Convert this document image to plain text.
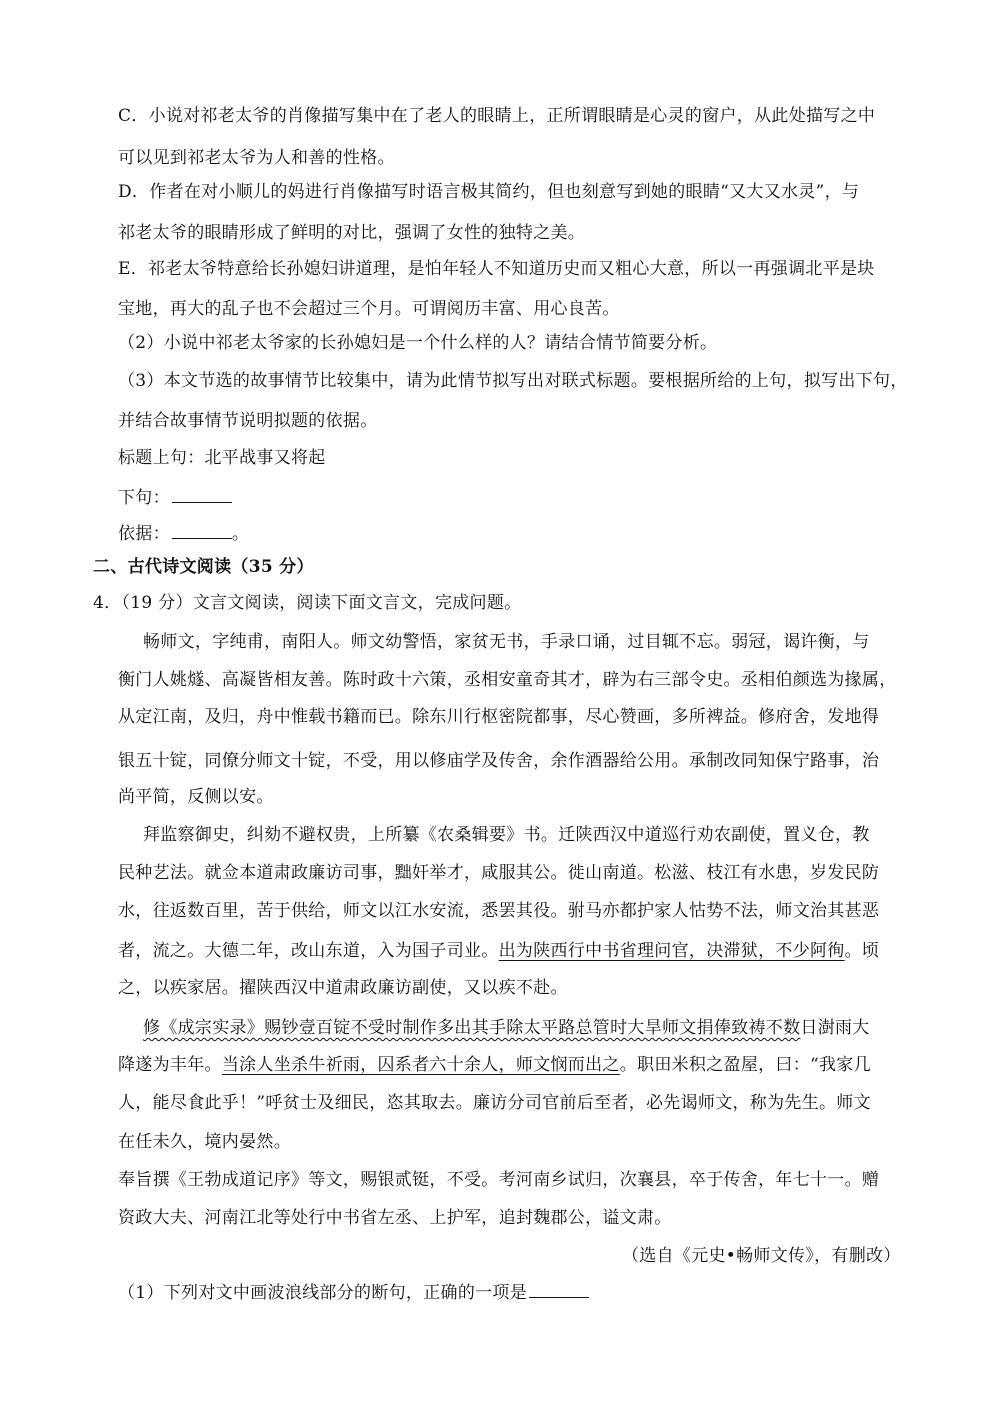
C．小说对祁老太爷的肖像描写集中在了老人的眼睛上，正所谓眼睛是心灵的窗户，从此处描写之中
可以见到祁老太爷为人和善的性格。
D．作者在对小顺儿的妈进行肖像描写时语言极其简约，但也刻意写到她的眼睛“又大又水灵”，与
祁老太爷的眼睛形成了鲜明的对比，强调了女性的独特之美。
E．祁老太爷特意给长孙媳妇讲道理，是怕年轻人不知道历史而又粗心大意，所以一再强调北平是块
宝地，再大的乱子也不会超过三个月。可谓阅历丰富、用心良苦。
（2）小说中祁老太爷家的长孙媳妇是一个什么样的人？请结合情节简要分析。
（3）本文节选的故事情节比较集中，请为此情节拟写出对联式标题。要根据所给的上句，拟写出下句，
并结合故事情节说明拟题的依据。
标题上句：北平战事又将起
下句：
依据：	。
二、古代诗文阅读（35 分）
4．（19 分）文言文阅读，阅读下面文言文，完成问题。
畅师文，字纯甫，南阳人。师文幼警悟，家贫无书，手录口诵，过目辄不忘。弱冠，谒许衡，与
衡门人姚燧、高凝皆相友善。陈时政十六策，丞相安童奇其才，辟为右三部令史。丞相伯颜选为掾属，
从定江南，及归，舟中惟载书籍而已。除东川行枢密院都事，尽心赞画，多所裨益。修府舍，发地得
银五十锭，同僚分师文十锭，不受，用以修庙学及传舍，余作酒器给公用。承制改同知保宁路事，治
尚平简，反侧以安。
拜监察御史，纠劾不避权贵，上所纂《农桑辑要》书。迁陕西汉中道巡行劝农副使，置义仓，教
民种艺法。就佥本道肃政廉访司事，黜奸举才，咸服其公。徙山南道。松滋、枝江有水患，岁发民防
水，往返数百里，苦于供给，师文以江水安流，悉罢其役。驸马亦都护家人怙势不法，师文治其甚恶
者，流之。大德二年，改山东道，入为国子司业。出为陕西行中书省理问官，决滞狱，不少阿徇。顷
之，以疾家居。擢陕西汉中道肃政廉访副使，又以疾不赴。
修《成宗实录》赐钞壹百锭不受时制作多出其手除太平路总管时大旱师文捐俸致祷不数日澍雨大
降遂为丰年。当涂人坐杀牛祈雨，囚系者六十余人，师文悯而出之。职田米积之盈屋，曰：“我家几
人，能尽食此乎！”呼贫士及细民，恣其取去。廉访分司官前后至者，必先谒师文，称为先生。师文
在任未久，境内晏然。
奉旨撰《王勃成道记序》等文，赐银贰铤，不受。考河南乡试归，次襄县，卒于传舍，年七十一。赠
资政大夫、河南江北等处行中书省左丞、上护军，追封魏郡公，谥文肃。
（选自《元史•畅师文传》，有删改）
（1）下列对文中画波浪线部分的断句，正确的一项是
